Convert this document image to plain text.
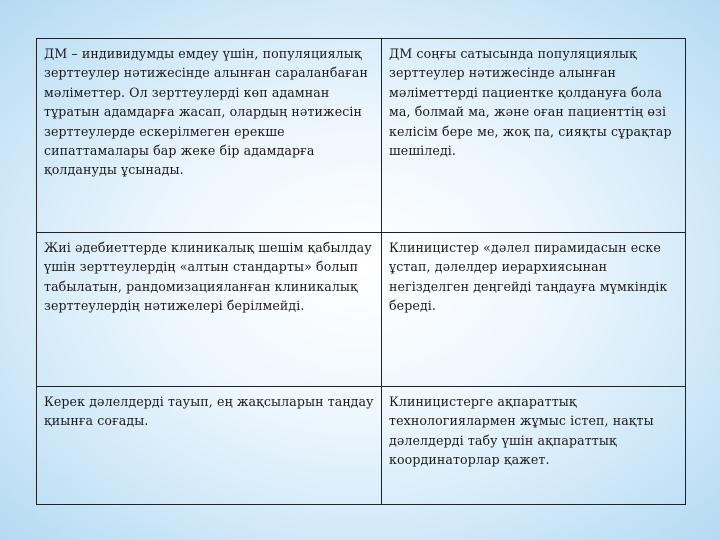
ДМ – индивидумды емдеу үшін, популяциялық зерттеулер нәтижесінде алынған сараланбаған мәліметтер. Ол зерттеулерді көп адамнан тұратын адамдарға жасап, олардың нәтижесін зерттеулерде ескерілмеген ерекше сипаттамалары бар жеке бір адамдарға қолдануды ұсынады.	ДМ соңғы сатысында популяциялық зерттеулер нәтижесінде алынған мәліметтерді пациентке қолдануға бола ма, болмай ма, және оған пациенттің өзі келісім бере ме, жоқ па, сияқты сұрақтар шешіледі.
Жиі әдебиеттерде клиникалық шешім қабылдау үшін зерттеулердің «алтын стандарты» болып табылатын, рандомизацияланған клиникалық зерттеулердің нәтижелері берілмейді.	Клиницистер «дәлел пирамидасын еске ұстап, дәлелдер иерархиясынан негізделген деңгейді таңдауға мүмкіндік береді.
Керек дәлелдерді тауып, ең жақсыларын таңдау қиынға соғады.	Клиницистерге ақпараттық технологиялармен жұмыс істеп, нақты дәлелдерді табу үшін ақпараттық координаторлар қажет.
